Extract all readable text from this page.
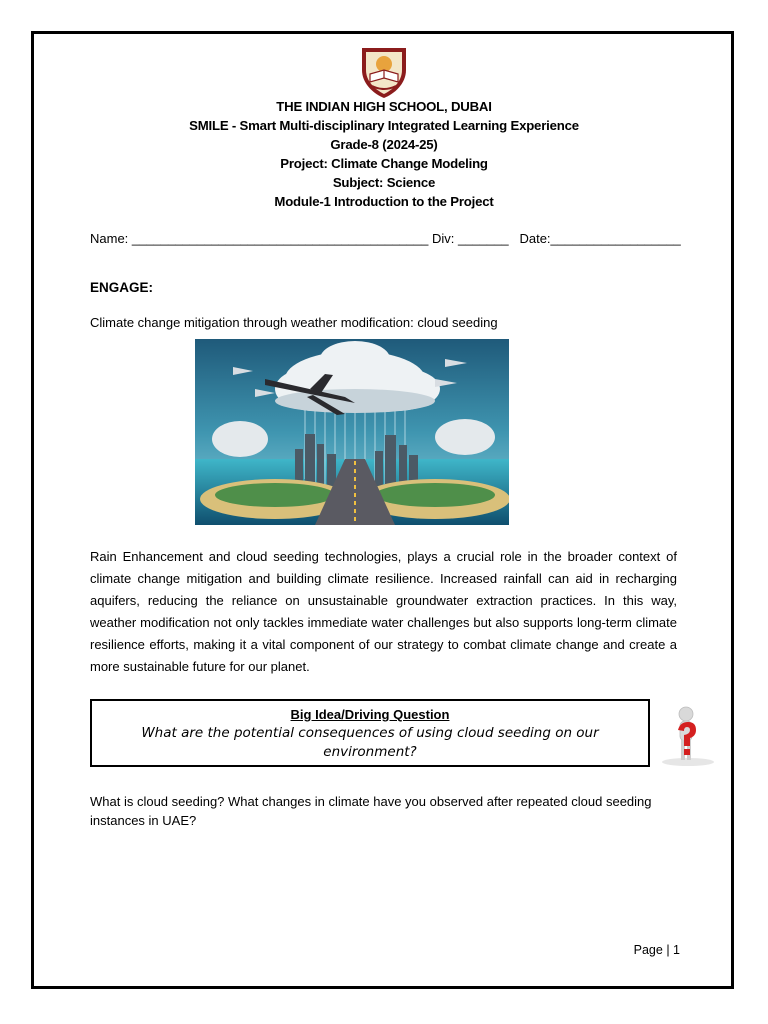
THE INDIAN HIGH SCHOOL, DUBAI
SMILE - Smart Multi-disciplinary Integrated Learning Experience
Grade-8 (2024-25)
Project: Climate Change Modeling
Subject: Science
Module-1 Introduction to the Project
Name: _________________________________________ Div: _______ Date:__________________
ENGAGE:
Climate change mitigation through weather modification: cloud seeding
Rain Enhancement and cloud seeding technologies, plays a crucial role in the broader context of climate change mitigation and building climate resilience. Increased rainfall can aid in recharging aquifers, reducing the reliance on unsustainable groundwater extraction practices. In this way, weather modification not only tackles immediate water challenges but also supports long-term climate resilience efforts, making it a vital component of our strategy to combat climate change and create a more sustainable future for our planet.
Big Idea/Driving Question
What are the potential consequences of using cloud seeding on our environment?
What is cloud seeding? What changes in climate have you observed after repeated cloud seeding instances in UAE?
Page | 1
